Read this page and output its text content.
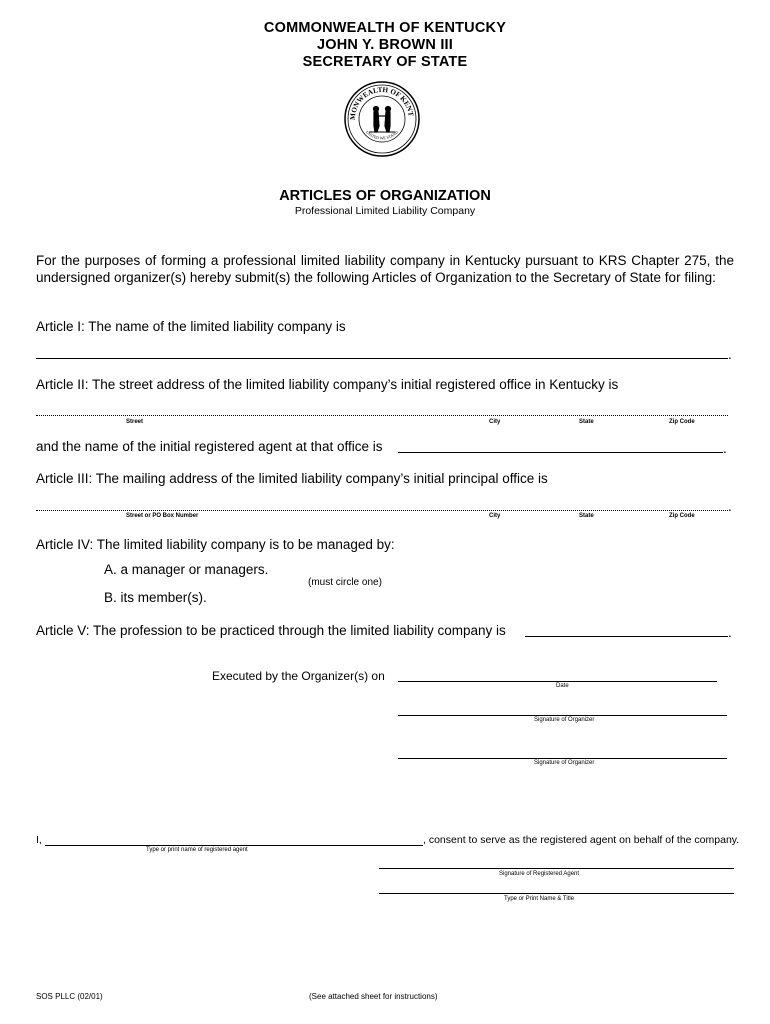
COMMONWEALTH OF KENTUCKY
JOHN Y. BROWN III
SECRETARY OF STATE
MONWEALTH OF KENT
UNITED WE STAND
ARTICLES OF ORGANIZATION
Professional Limited Liability Company
For the purposes of forming a professional limited liability company in Kentucky pursuant to KRS Chapter 275, the undersigned organizer(s) hereby submit(s) the following Articles of Organization to the Secretary of State for filing:
Article I: The name of the limited liability company is
.
Article II: The street address of the limited liability company’s initial registered office in Kentucky is
Street	City	State	Zip Code
and the name of the initial registered agent at that office is	.
Article III: The mailing address of the limited liability company’s initial principal office is
.
Street or PO Box Number	City	State	Zip Code
Article IV: The limited liability company is to be managed by:
A. a manager or managers.
(must circle one)
B. its member(s).
Article V: The profession to be practiced through the limited liability company is	.
Executed by the Organizer(s) on
Date
Signature of Organizer
Signature of Organizer
I,	, consent to serve as the registered agent on behalf of the company.
Type or print name of registered agent
Signature of Registered Agent
Type or Print Name & Title
SOS PLLC (02/01)	(See attached sheet for instructions)
